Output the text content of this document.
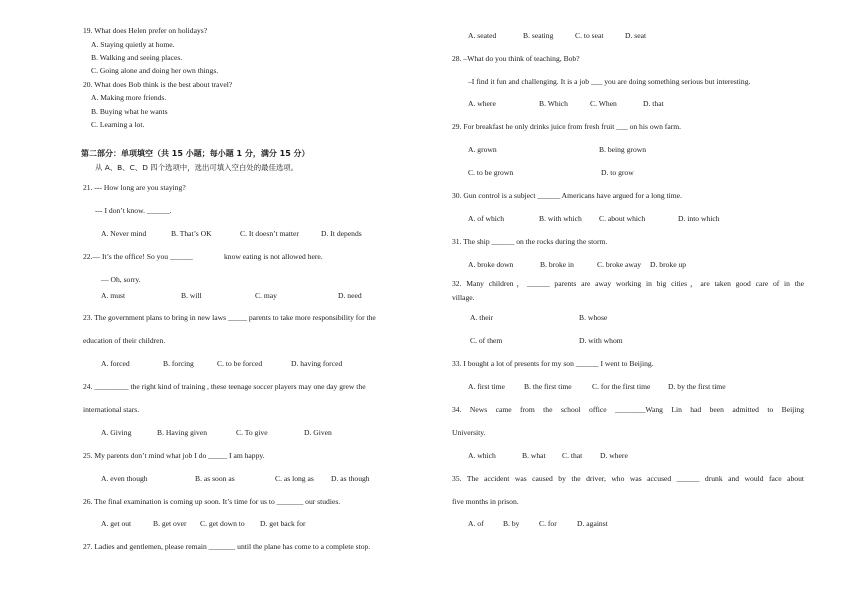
19. What does Helen prefer on holidays?
A. Staying quietly at home.
B. Walking and seeing places.
C. Going alone and doing her own things.
20. What does Bob think is the best about travel?
A. Making more friends.
B. Buying what he wants
C. Learning a lot.
第二部分：单项填空（共 15 小题；每小题 1 分，满分 15 分）
从 A、B、C、D 四个选项中，选出可填入空白处的最佳选项。
21. --- How long are you staying?
--- I don’t know. ______.
A. Never mind	B. That’s OK	C. It doesn’t matter	D. It depends
22.— It’s the office! So you ______	know eating is not allowed here.
— Oh, sorry.
A. must	B. will	C. may	D. need
23. The government plans to bring in new laws _____ parents to take more responsibility for the
education of their children.
A. forced	B. forcing	C. to be forced	D. having forced
24. _________ the right kind of training , these teenage soccer players may one day grew the
international stars.
A. Giving	B. Having given	C. To give	D. Given
25. My parents don’t mind what job I do _____ I am happy.
A. even though	B. as soon as	C. as long as D. as though
26. The final examination is coming up soon. It’s time for us to _______ our studies.
A. get out	B. get over C. get down to D. get back for
27. Ladies and gentlemen, please remain _______ until the plane has come to a complete stop.
A. seated	B. seating	C. to seat	D. seat
28. –What do you think of teaching, Bob?
–I find it fun and challenging. It is a job ___ you are doing something serious but interesting.
A. where	B. Which	C. When	D. that
29. For breakfast he only drinks juice from fresh fruit ___ on his own farm.
A. grown	B. being grown
C. to be grown	D. to grow
30. Gun control is a subject ______ Americans have argued for a long time.
A. of which	B. with which C. about which	D. into which
31. The ship ______ on the rocks during the storm.
A. broke down	B. broke in	C. broke away D. broke up
32. Many children，______ parents are away working in big cities，are taken good care of in the
village.
A. their	B. whose
C. of them	D. with whom
33. I bought a lot of presents for my son ______ I went to Beijing.
A. first time	B. the first time	C. for the first time D. by the first time
34. News came from the school office ________Wang Lin had been admitted to Beijing
University.
A. which	B. what C. that D. where
35. The accident was caused by the driver, who was accused ______ drunk and would face about
five months in prison.
A. of	B. by	C. for	D. against
